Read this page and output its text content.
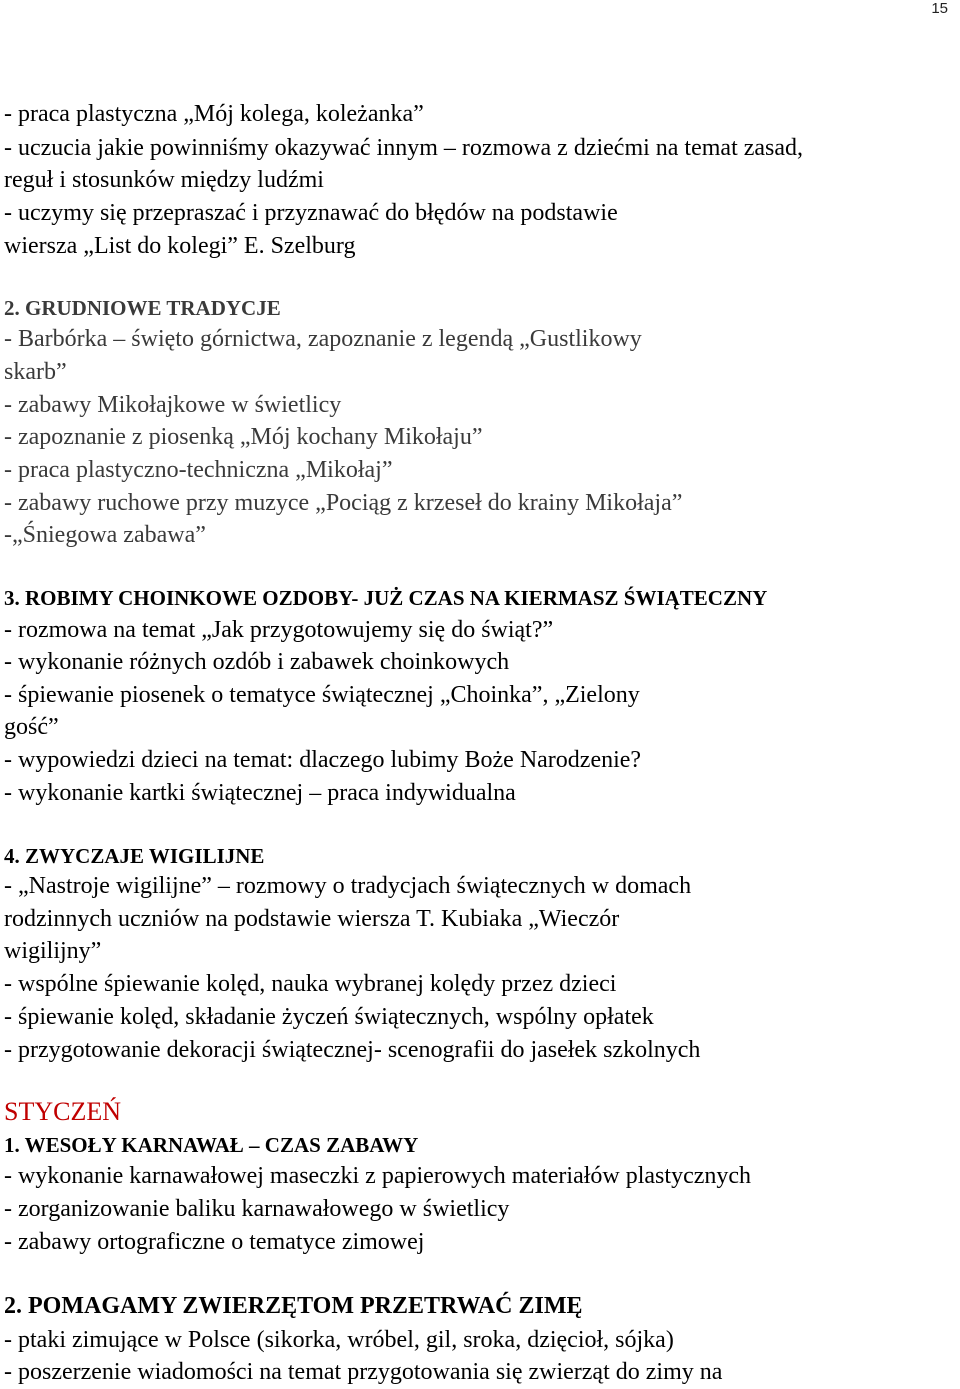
15
- praca plastyczna „Mój kolega, koleżanka”
- uczucia jakie powinniśmy okazywać innym – rozmowa z dziećmi na temat zasad,
reguł i stosunków między ludźmi
- uczymy się przepraszać i przyznawać do błędów na podstawie
wiersza „List do kolegi” E. Szelburg
2. GRUDNIOWE TRADYCJE
- Barbórka – święto górnictwa, zapoznanie z legendą „Gustlikowy
skarb”
- zabawy Mikołajkowe w świetlicy
- zapoznanie z piosenką „Mój kochany Mikołaju”
- praca plastyczno-techniczna „Mikołaj”
- zabawy ruchowe przy muzyce „Pociąg z krzeseł do krainy Mikołaja”
-„Śniegowa zabawa”
3. ROBIMY CHOINKOWE OZDOBY- JUŻ CZAS NA KIERMASZ ŚWIĄTECZNY
- rozmowa na temat „Jak przygotowujemy się do świąt?”
- wykonanie różnych ozdób i zabawek choinkowych
- śpiewanie piosenek o tematyce świątecznej „Choinka”, „Zielony
gość”
- wypowiedzi dzieci na temat: dlaczego lubimy Boże Narodzenie?
- wykonanie kartki świątecznej – praca indywidualna
4. ZWYCZAJE WIGILIJNE
- „Nastroje wigilijne” – rozmowy o tradycjach świątecznych w domach
rodzinnych uczniów na podstawie wiersza T. Kubiaka „Wieczór
wigilijny”
- wspólne śpiewanie kolęd, nauka wybranej kolędy przez dzieci
- śpiewanie kolęd, składanie życzeń świątecznych, wspólny opłatek
- przygotowanie dekoracji świątecznej- scenografii do jasełek szkolnych
STYCZEŃ
1. WESOŁY KARNAWAŁ – CZAS ZABAWY
- wykonanie karnawałowej maseczki z papierowych materiałów plastycznych
- zorganizowanie baliku karnawałowego w świetlicy
- zabawy ortograficzne o tematyce zimowej
2. POMAGAMY ZWIERZĘTOM PRZETRWAĆ ZIMĘ
- ptaki zimujące w Polsce (sikorka, wróbel, gil, sroka, dzięcioł, sójka)
- poszerzenie wiadomości na temat przygotowania się zwierząt do zimy na
